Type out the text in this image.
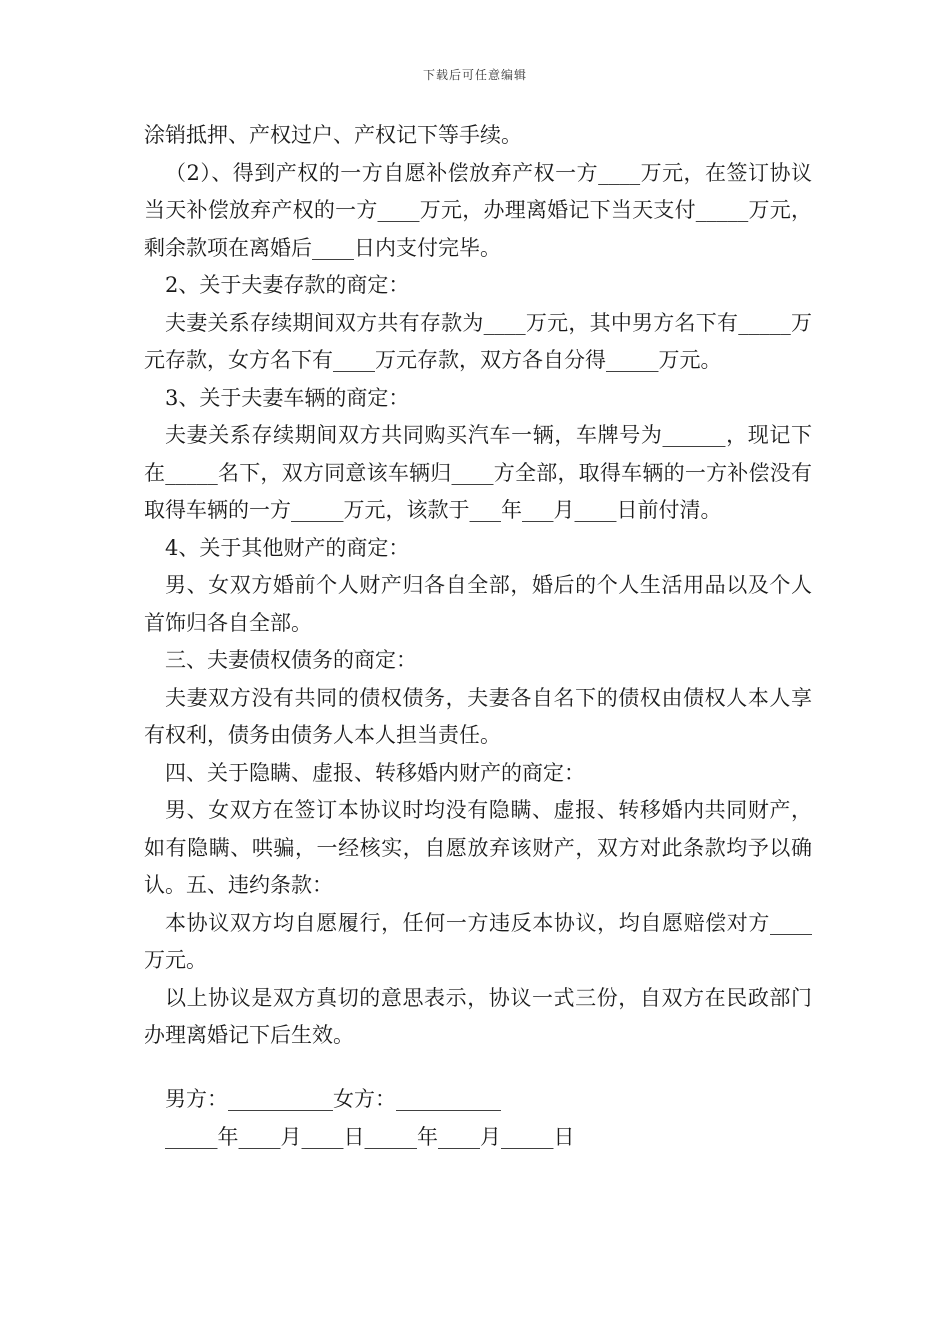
下载后可任意编辑

涂销抵押、产权过户、产权记下等手续。

（2）、得到产权的一方自愿补偿放弃产权一方____万元，在签订协议当天补偿放弃产权的一方____万元，办理离婚记下当天支付_____万元，剩余款项在离婚后____日内支付完毕。

2、关于夫妻存款的商定：

夫妻关系存续期间双方共有存款为____万元，其中男方名下有_____万元存款，女方名下有____万元存款，双方各自分得_____万元。

3、关于夫妻车辆的商定：

夫妻关系存续期间双方共同购买汽车一辆，车牌号为______，现记下在_____名下，双方同意该车辆归____方全部，取得车辆的一方补偿没有取得车辆的一方_____万元，该款于___年___月____日前付清。

4、关于其他财产的商定：

男、女双方婚前个人财产归各自全部，婚后的个人生活用品以及个人首饰归各自全部。

三、夫妻债权债务的商定：

夫妻双方没有共同的债权债务，夫妻各自名下的债权由债权人本人享有权利，债务由债务人本人担当责任。

四、关于隐瞒、虚报、转移婚内财产的商定：

男、女双方在签订本协议时均没有隐瞒、虚报、转移婚内共同财产，如有隐瞒、哄骗，一经核实，自愿放弃该财产，双方对此条款均予以确认。五、违约条款：

本协议双方均自愿履行，任何一方违反本协议，均自愿赔偿对方____万元。

以上协议是双方真切的意思表示，协议一式三份，自双方在民政部门办理离婚记下后生效。

男方：__________女方：__________
_____年____月____日_____年____月_____日
